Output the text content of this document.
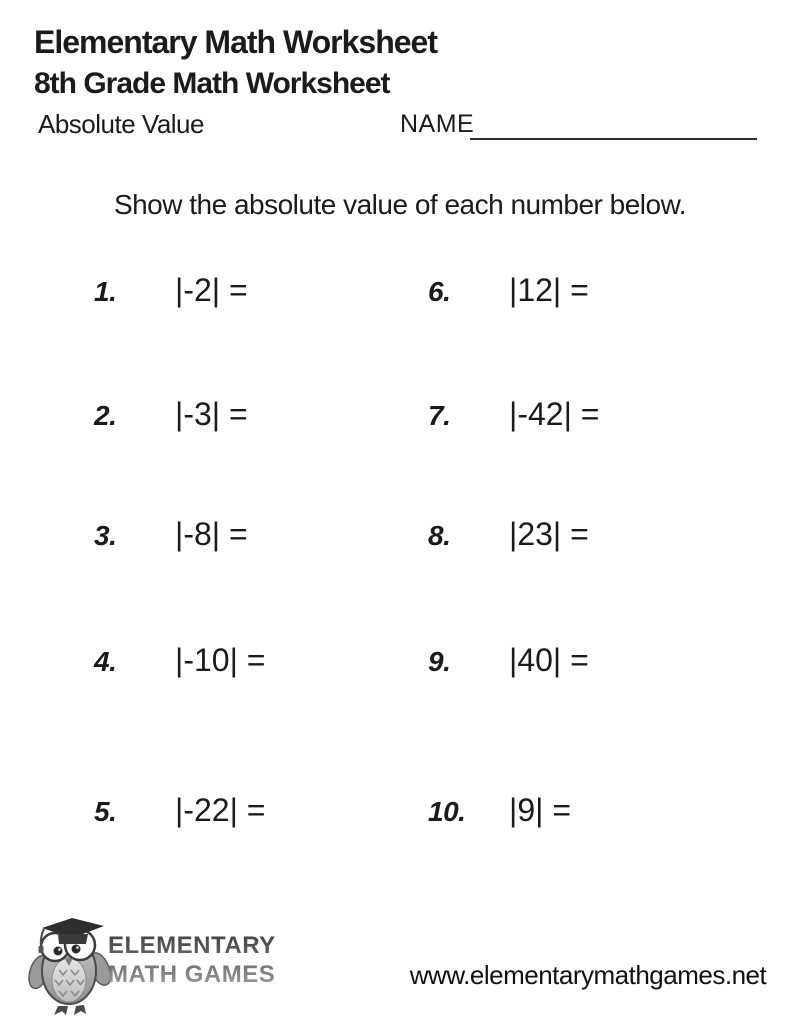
Elementary Math Worksheet
8th Grade Math Worksheet
Absolute Value	NAME
Show the absolute value of each number below.
1.	|-2| =
2.	|-3| =
3.	|-8| =
4.	|-10| =
5.	|-22| =
6.	|12| =
7.	|-42| =
8.	|23| =
9.	|40| =
10.	|9| =
ELEMENTARY
MATH GAMES	www.elementarymathgames.net
